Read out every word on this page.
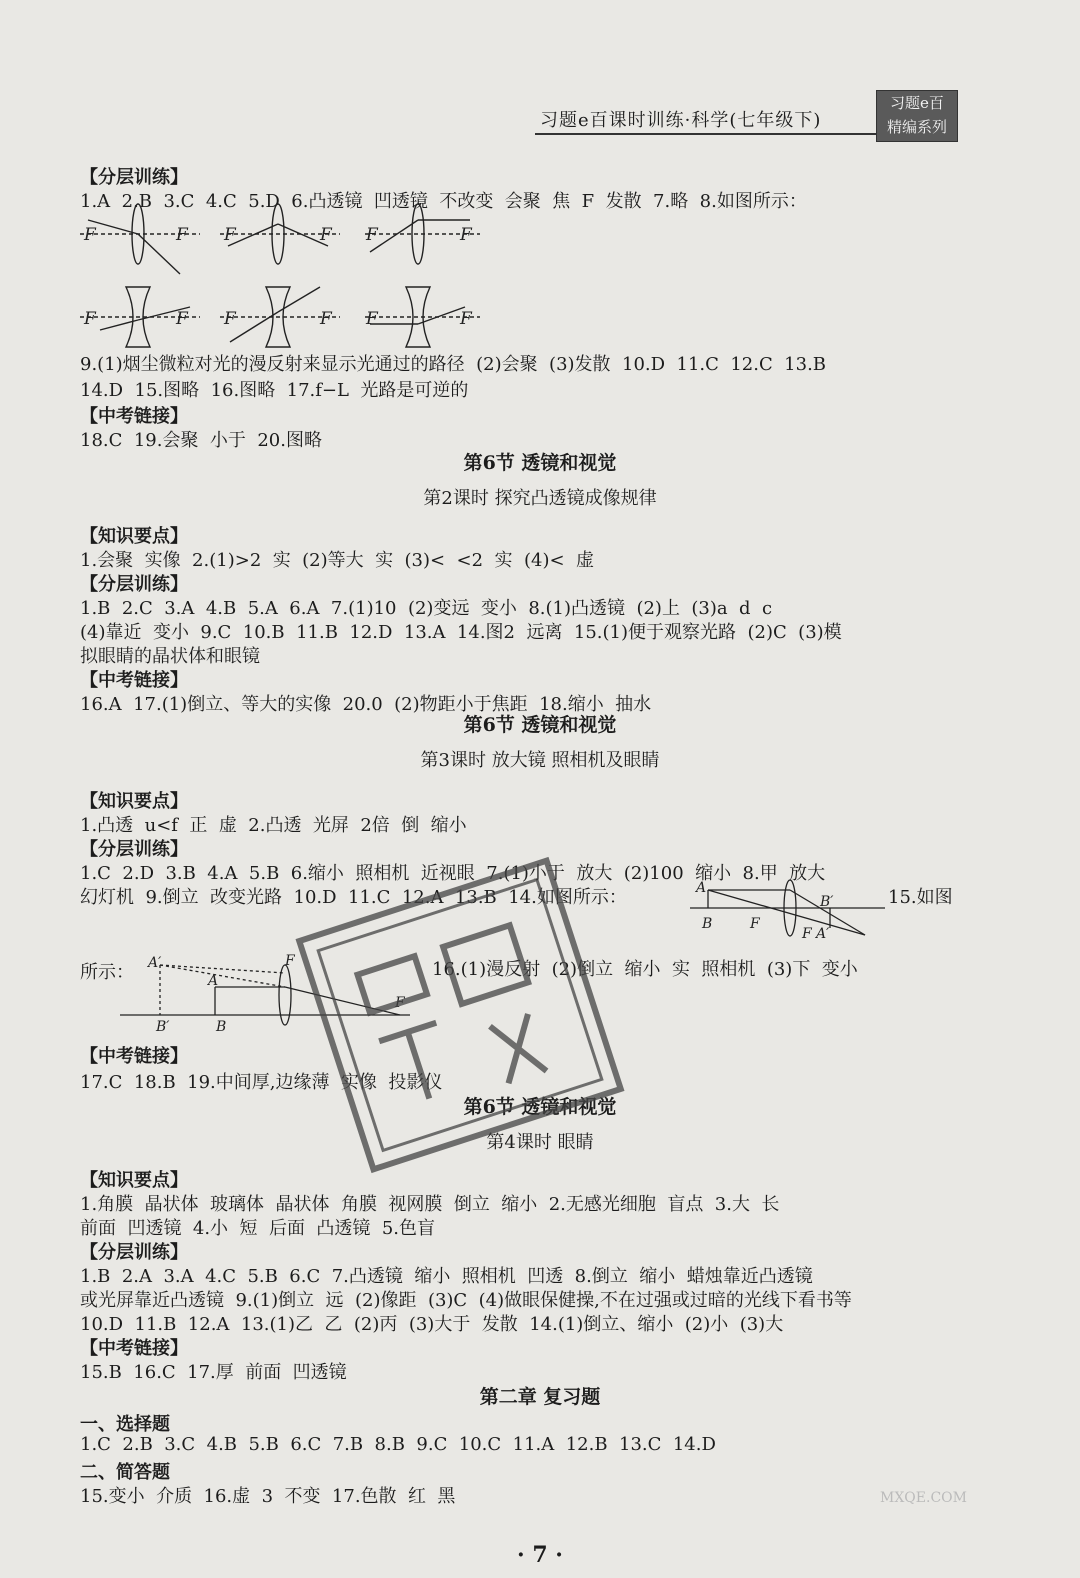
习题e百课时训练·科学(七年级下)
习题e百
精编系列
【分层训练】
1.A  2.B  3.C  4.C  5.D  6.凸透镜  凹透镜  不改变  会聚  焦  F  发散  7.略  8.如图所示：
F	F F	F F	F
F	F F	F F	F
9.(1)烟尘微粒对光的漫反射来显示光通过的路径  (2)会聚  (3)发散  10.D  11.C  12.C  13.B
14.D  15.图略  16.图略  17.f−L  光路是可逆的
【中考链接】
18.C  19.会聚  小于  20.图略
第6节 透镜和视觉
第2课时 探究凸透镜成像规律
【知识要点】
1.会聚  实像  2.(1)>2  实  (2)等大  实  (3)<  <2  实  (4)<  虚
【分层训练】
1.B  2.C  3.A  4.B  5.A  6.A  7.(1)10  (2)变远  变小  8.(1)凸透镜  (2)上  (3)a  d  c
(4)靠近  变小  9.C  10.B  11.B  12.D  13.A  14.图2  远离  15.(1)便于观察光路  (2)C  (3)模
拟眼睛的晶状体和眼镜
【中考链接】
16.A  17.(1)倒立、等大的实像  20.0  (2)物距小于焦距  18.缩小  抽水
第6节 透镜和视觉
第3课时 放大镜 照相机及眼睛
【知识要点】
1.凸透  u<f  正  虚  2.凸透  光屏  2倍  倒  缩小
【分层训练】
1.C  2.D  3.B  4.A  5.B  6.缩小  照相机  近视眼  7.(1)小于  放大  (2)100  缩小  8.甲  放大
幻灯机  9.倒立  改变光路  10.D  11.C  12.A  13.B  14.如图所示：	15.如图
A
B	F
F
B′
A′
所示：	16.(1)漫反射  (2)倒立  缩小  实  照相机  (3)下  变小
A′
A
B′	B
F
F
【中考链接】
17.C  18.B  19.中间厚,边缘薄  实像  投影仪
第6节 透镜和视觉
第4课时 眼睛
【知识要点】
1.角膜  晶状体  玻璃体  晶状体  角膜  视网膜  倒立  缩小  2.无感光细胞  盲点  3.大  长
前面  凹透镜  4.小  短  后面  凸透镜  5.色盲
【分层训练】
1.B  2.A  3.A  4.C  5.B  6.C  7.凸透镜  缩小  照相机  凹透  8.倒立  缩小  蜡烛靠近凸透镜
或光屏靠近凸透镜  9.(1)倒立  远  (2)像距  (3)C  (4)做眼保健操,不在过强或过暗的光线下看书等
10.D  11.B  12.A  13.(1)乙  乙  (2)丙  (3)大于  发散  14.(1)倒立、缩小  (2)小  (3)大
【中考链接】
15.B  16.C  17.厚  前面  凹透镜
第二章 复习题
一、选择题
1.C  2.B  3.C  4.B  5.B  6.C  7.B  8.B  9.C  10.C  11.A  12.B  13.C  14.D
二、简答题
15.变小  介质  16.虚  3  不变  17.色散  红  黑
· 7 ·
MXQE.COM
